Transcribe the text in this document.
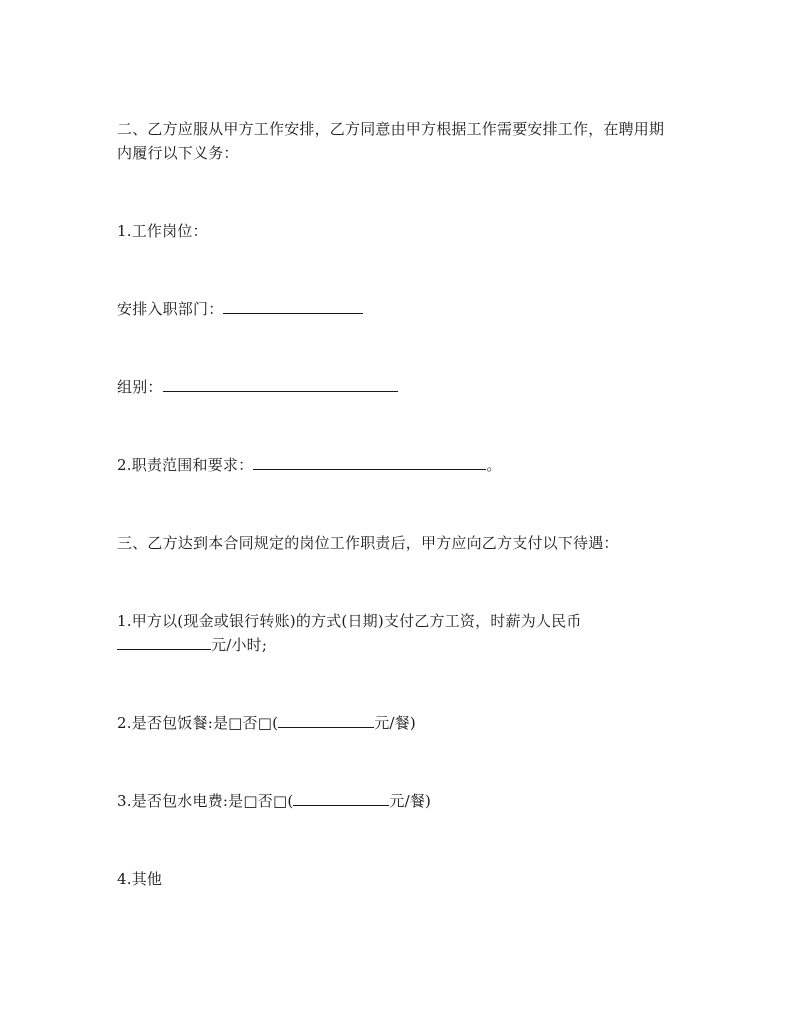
二、乙方应服从甲方工作安排，乙方同意由甲方根据工作需要安排工作，在聘用期
内履行以下义务：
1.工作岗位：
安排入职部门：
组别：
2.职责范围和要求：	。
三、乙方达到本合同规定的岗位工作职责后，甲方应向乙方支付以下待遇：
1.甲方以(现金或银行转账)的方式(日期)支付乙方工资，时薪为人民币
元/小时;
2.是否包饭餐:是□否□(	元/餐)
3.是否包水电费:是□否□(	元/餐)
4.其他
